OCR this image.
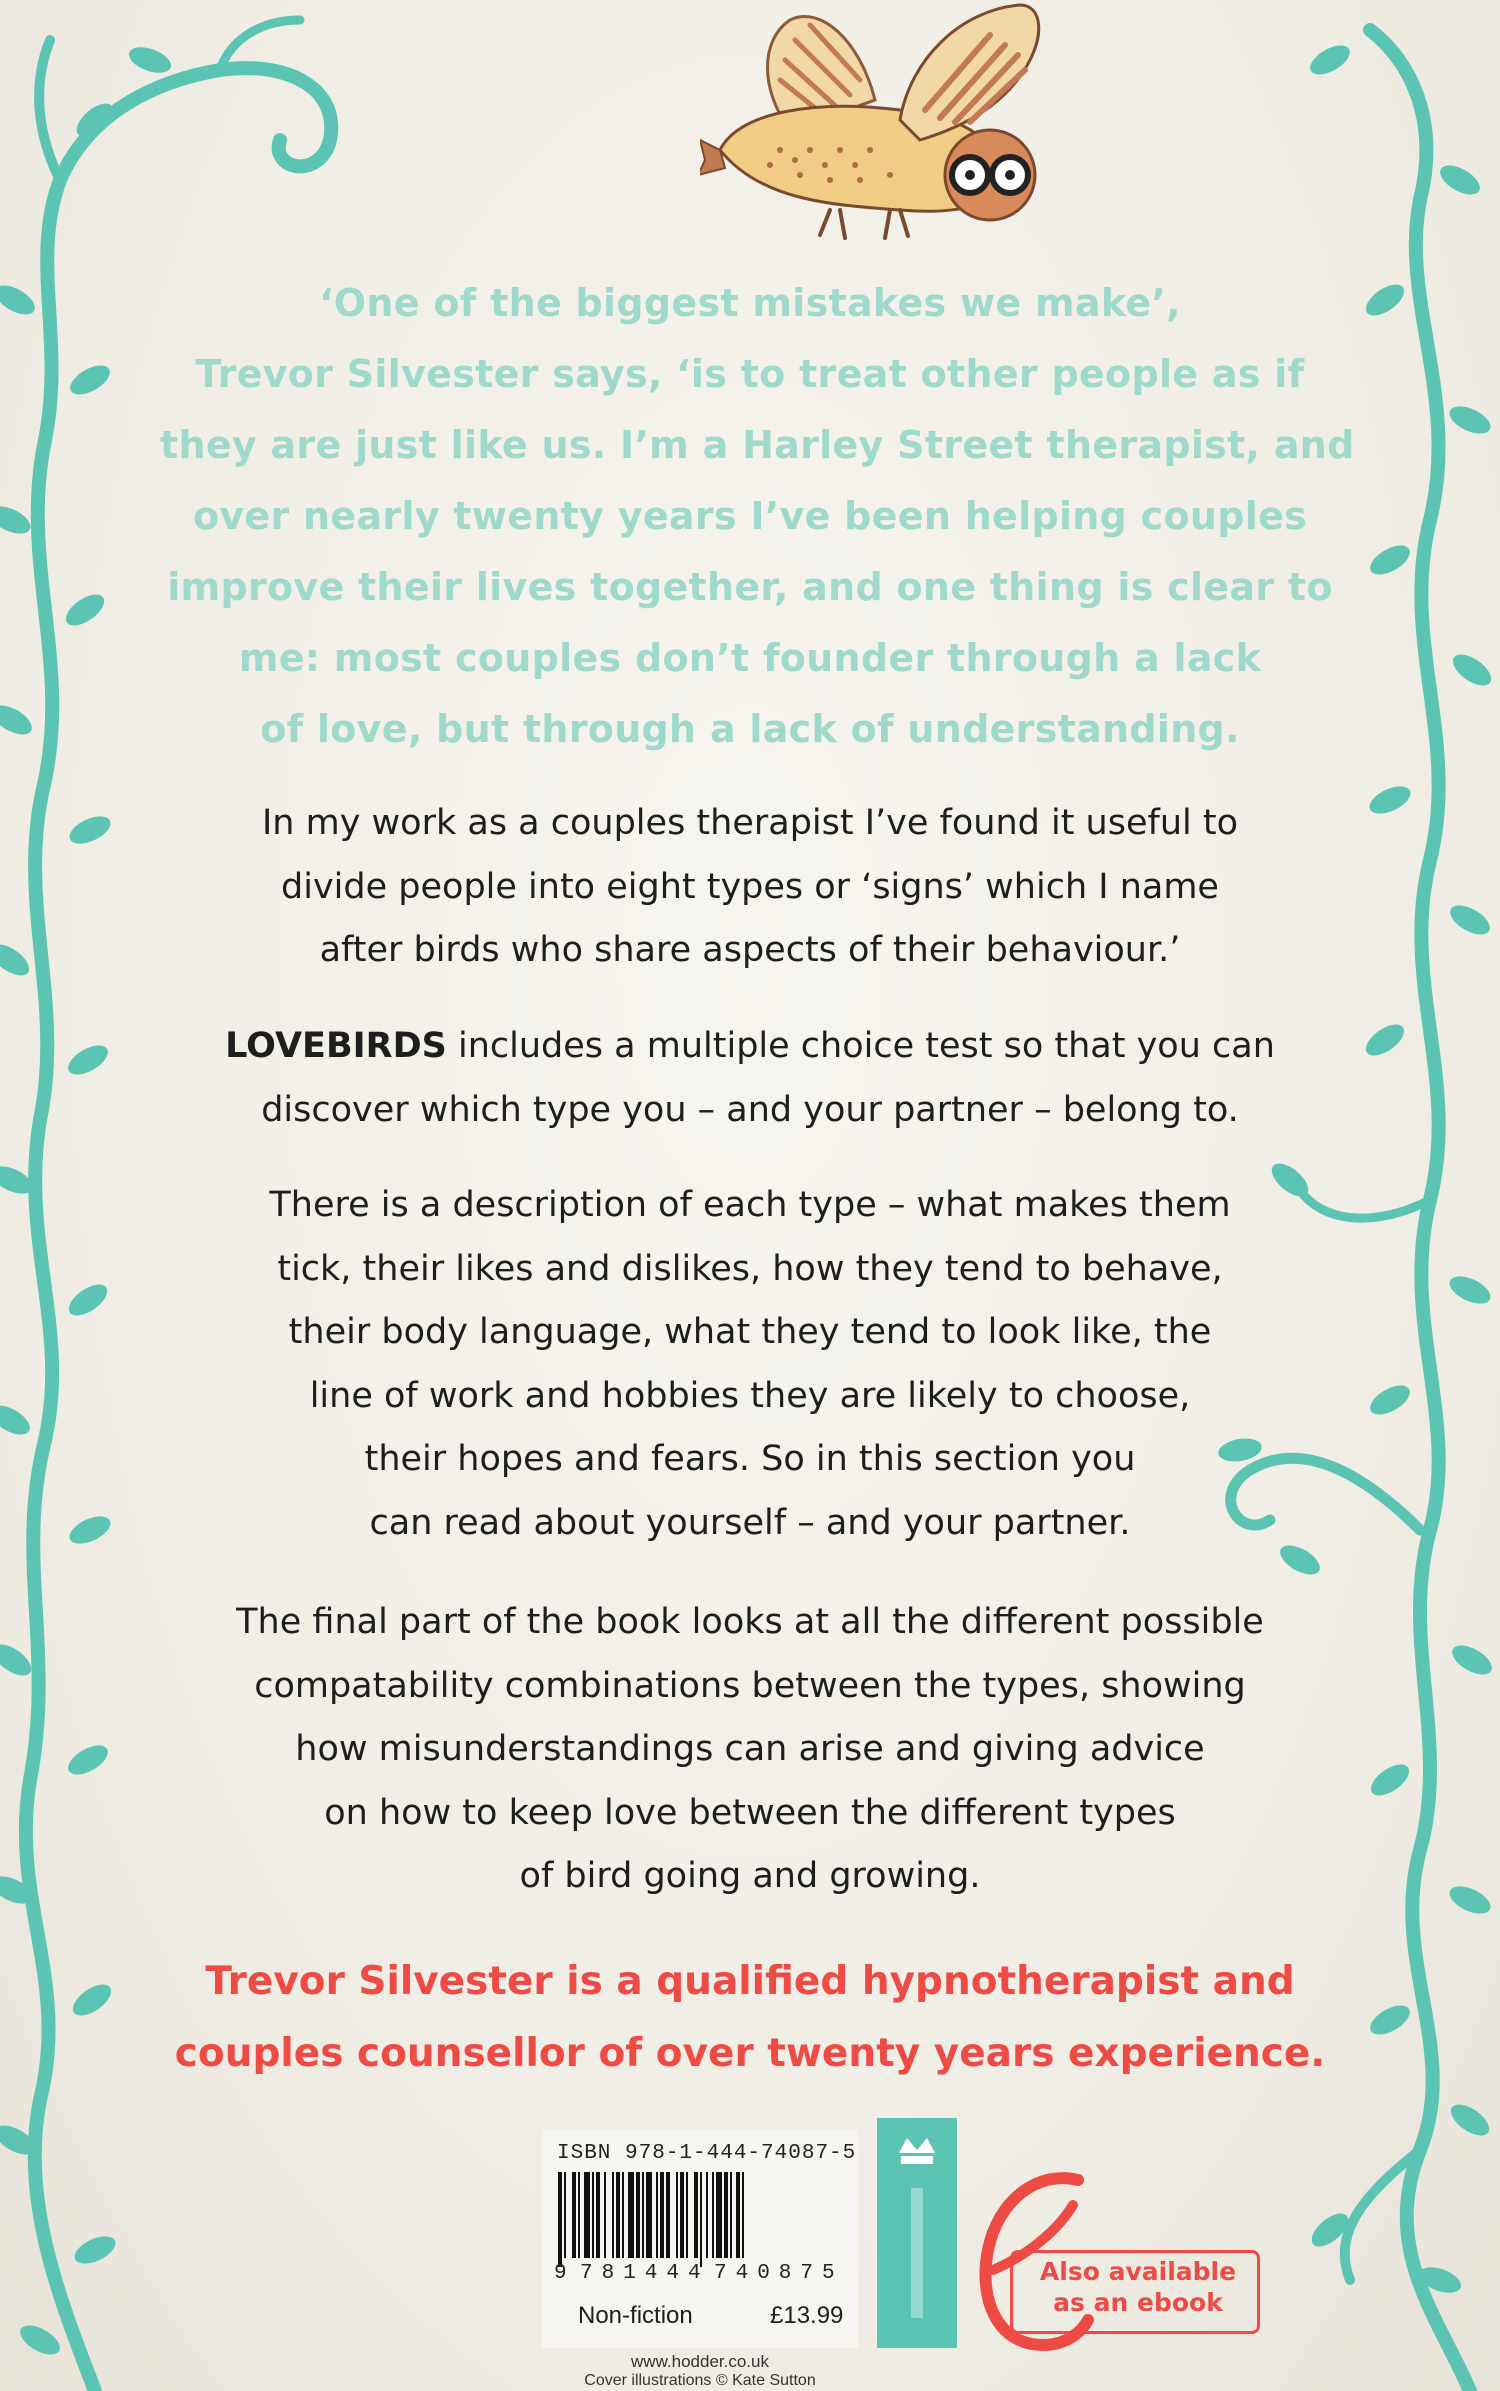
‘One of the biggest mistakes we make’,
Trevor Silvester says, ‘is to treat other people as if
they are just like us. I’m a Harley Street therapist, and
over nearly twenty years I’ve been helping couples
improve their lives together, and one thing is clear to
me: most couples don’t founder through a lack
of love, but through a lack of understanding.
In my work as a couples therapist I’ve found it useful to
divide people into eight types or ‘signs’ which I name
after birds who share aspects of their behaviour.’
LOVEBIRDS includes a multiple choice test so that you can
discover which type you – and your partner – belong to.
There is a description of each type – what makes them
tick, their likes and dislikes, how they tend to behave,
their body language, what they tend to look like, the
line of work and hobbies they are likely to choose,
their hopes and fears. So in this section you
can read about yourself – and your partner.
The final part of the book looks at all the different possible
compatability combinations between the types, showing
how misunderstandings can arise and giving advice
on how to keep love between the different types
of bird going and growing.
Trevor Silvester is a qualified hypnotherapist and
couples counsellor of over twenty years experience.
ISBN 978-1-444-74087-5
9 781444 740875
Non-fiction	£13.99
www.hodder.co.uk
Cover illustrations © Kate Sutton
Also available
as an ebook
